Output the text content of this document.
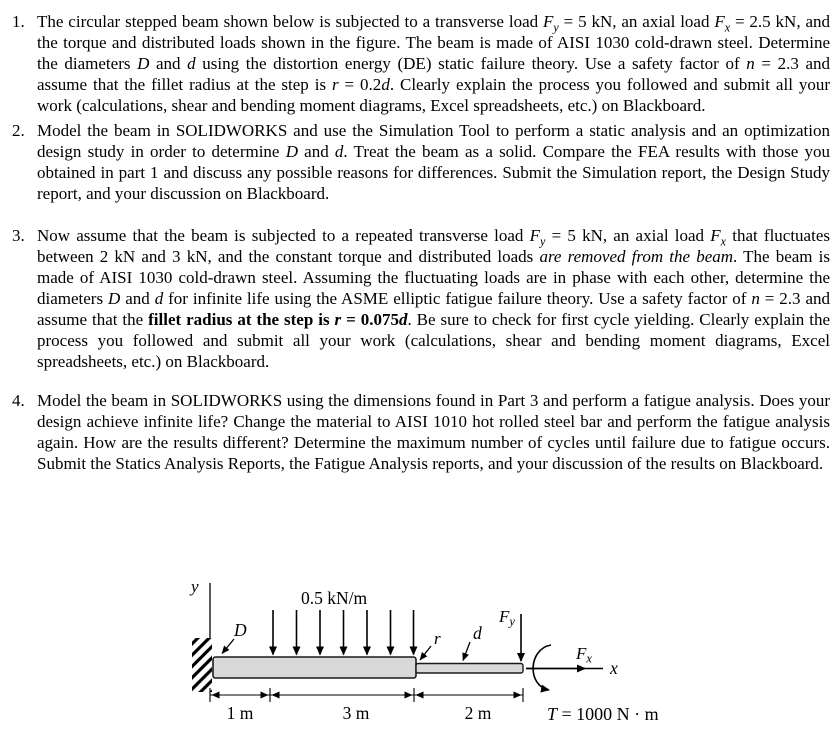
1. The circular stepped beam shown below is subjected to a transverse load $F_y = 5$ kN, an axial load $F_x = 2.5$ kN, and the torque and distributed loads shown in the figure. The beam is made of AISI 1030 cold-drawn steel. Determine the diameters D and d using the distortion energy (DE) static failure theory. Use a safety factor of n = 2.3 and assume that the fillet radius at the step is r = 0.2d. Clearly explain the process you followed and submit all your work (calculations, shear and bending moment diagrams, Excel spreadsheets, etc.) on Blackboard.
2. Model the beam in SOLIDWORKS and use the Simulation Tool to perform a static analysis and an optimization design study in order to determine D and d. Treat the beam as a solid. Compare the FEA results with those you obtained in part 1 and discuss any possible reasons for differences. Submit the Simulation report, the Design Study report, and your discussion on Blackboard.
3. Now assume that the beam is subjected to a repeated transverse load $F_y = 5$ kN, an axial load $F_x$ that fluctuates between 2 kN and 3 kN, and the constant torque and distributed loads are removed from the beam. The beam is made of AISI 1030 cold-drawn steel. Assuming the fluctuating loads are in phase with each other, determine the diameters D and d for infinite life using the ASME elliptic fatigue failure theory. Use a safety factor of n = 2.3 and assume that the fillet radius at the step is r = 0.075d. Be sure to check for first cycle yielding. Clearly explain the process you followed and submit all your work (calculations, shear and bending moment diagrams, Excel spreadsheets, etc.) on Blackboard.
4. Model the beam in SOLIDWORKS using the dimensions found in Part 3 and perform a fatigue analysis. Does your design achieve infinite life? Change the material to AISI 1010 hot rolled steel bar and perform the fatigue analysis again. How are the results different? Determine the maximum number of cycles until failure due to fatigue occurs. Submit the Statics Analysis Reports, the Fatigue Analysis reports, and your discussion of the results on Blackboard.
y
0.5 kN/m
D	r d
$F_y$
$F_x$ x
1 m	3 m	2 m	T = 1000 N · m
